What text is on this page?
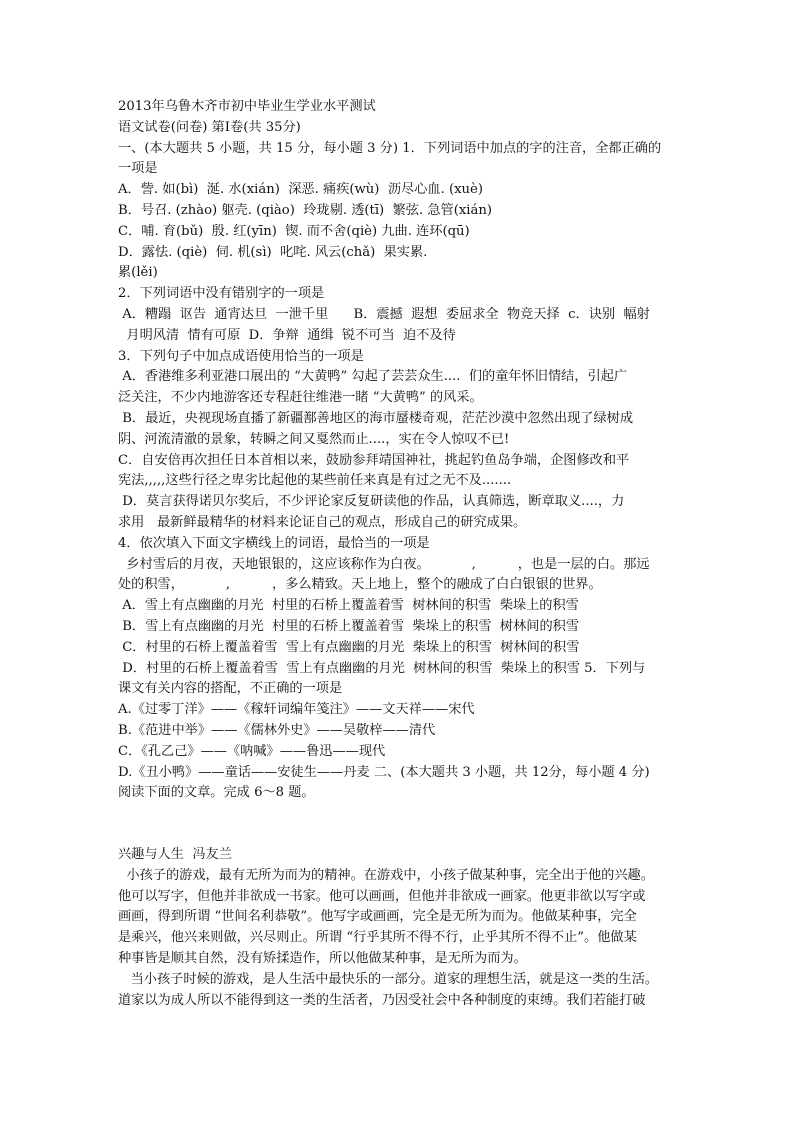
2013年乌鲁木齐市初中毕业生学业水平测试
语文试卷(问卷) 第Ⅰ卷(共 35分)
一、(本大题共 5 小题，共 15 分，每小题 3 分) 1．下列词语中加点的字的注音，全都正确的
一项是
A．訾. 如(bì)  涎. 水(xián)  深恶. 痛疾(wù)  沥尽心血. (xuè)
B．号召. (zhào) 躯壳. (qiào)  玲珑剔. 透(tī)  繁弦. 急管(xián)
C．哺. 育(bǔ)  殷. 红(yīn)  锲. 而不舍(qiè) 九曲. 连环(qū)
D．露怯. (qiè)  伺. 机(sì)  叱咤. 风云(chǎ)  果实累.
累(lěi)
2．下列词语中没有错别字的一项是
A．糟蹋  讴告  通宵达旦  一泄千里      B．震撼  遐想  委屈求全  物竞天择  c．诀别  幅射
月明风清  情有可原  D．争辩  通缉  锐不可当  迫不及待
3．下列句子中加点成语使用恰当的一项是
A．香港维多利亚港口展出的 “大黄鸭” 勾起了芸芸众生....  们的童年怀旧情结，引起广
泛关注，不少内地游客还专程赶往维港一睹 “大黄鸭” 的风采。
B．最近，央视现场直播了新疆鄯善地区的海市蜃楼奇观，茫茫沙漠中忽然出现了绿树成
阴、河流清澈的景象，转瞬之间又戛然而止....，实在令人惊叹不已!
C．自安倍再次担任日本首相以来，鼓励参拜靖国神社，挑起钓鱼岛争端，企图修改和平
宪法,,,,,这些行径之卑劣比起他的某些前任来真是有过之无不及.......
D．莫言获得诺贝尔奖后，不少评论家反复研读他的作品，认真筛选，断章取义....，力
求用   最新鲜最精华的材料来论证自己的观点，形成自己的研究成果。
4．依次填入下面文字横线上的词语，最恰当的一项是
乡村雪后的月夜，天地银银的，这应该称作为白夜。          ,          ，也是一层的白。那远
处的积雪，          ,          ，多么精致。天上地上，整个的融成了白白银银的世界。
A．雪上有点幽幽的月光  村里的石桥上覆盖着雪  树林间的积雪  柴垛上的积雪
B．雪上有点幽幽的月光  村里的石桥上覆盖着雪  柴垛上的积雪  树林间的积雪
C．村里的石桥上覆盖着雪  雪上有点幽幽的月光  柴垛上的积雪  树林间的积雪
D．村里的石桥上覆盖着雪  雪上有点幽幽的月光  树林间的积雪  柴垛上的积雪 5．下列与
课文有关内容的搭配，不正确的一项是
A.《过零丁洋》——《稼轩词编年笺注》——文天祥——宋代
B.《范进中举》——《儒林外史》——吴敬梓——清代
C．《孔乙己》——《呐喊》——鲁迅——现代
D.《丑小鸭》——童话——安徒生——丹麦 二、(本大题共 3 小题，共 12分，每小题 4 分)
阅读下面的文章。完成 6～8 题。
兴趣与人生  冯友兰
小孩子的游戏，最有无所为而为的精神。在游戏中，小孩子做某种事，完全出于他的兴趣。
他可以写字，但他并非欲成一书家。他可以画画，但他并非欲成一画家。他更非欲以写字或
画画，得到所谓 “世间名利恭敬”。他写字或画画，完全是无所为而为。他做某种事，完全
是乘兴，他兴来则做，兴尽则止。所谓 “行乎其所不得不行，止乎其所不得不止”。他做某
种事皆是顺其自然，没有矫揉造作，所以他做某种事，是无所为而为。
当小孩子时候的游戏，是人生活中最快乐的一部分。道家的理想生活，就是这一类的生活。
道家以为成人所以不能得到这一类的生活者，乃因受社会中各种制度的束缚。我们若能打破
